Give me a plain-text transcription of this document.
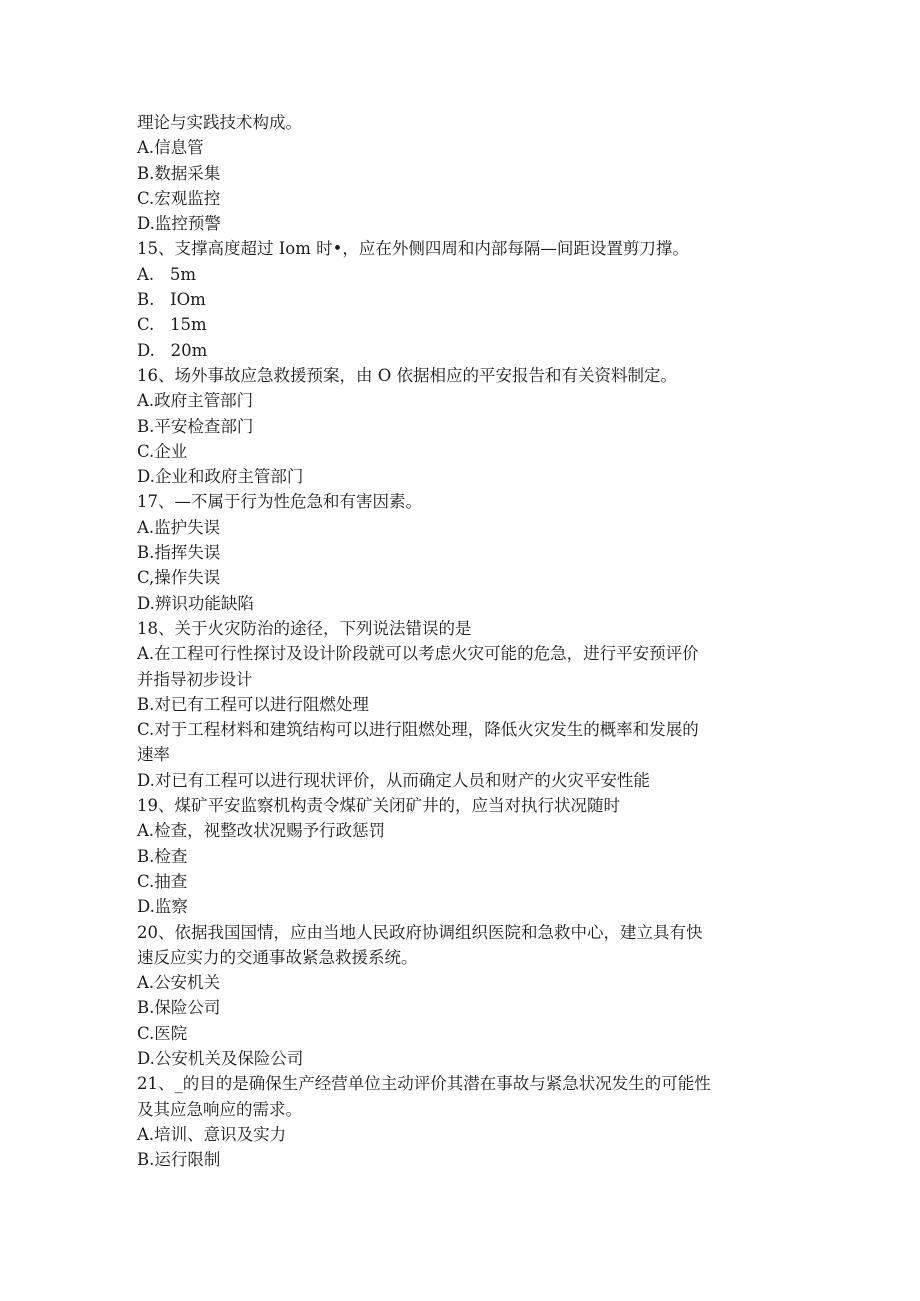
理论与实践技术构成。
A.信息管
B.数据采集
C.宏观监控
D.监控预警
15、支撑高度超过 Iom 时•，应在外侧四周和内部每隔—间距设置剪刀撑。
A.   5m
B.   IOm
C.   15m
D.   20m
16、场外事故应急救援预案，由 O 依据相应的平安报告和有关资料制定。
A.政府主管部门
B.平安检查部门
C.企业
D.企业和政府主管部门
17、—不属于行为性危急和有害因素。
A.监护失误
B.指挥失误
C,操作失误
D.辨识功能缺陷
18、关于火灾防治的途径，下列说法错误的是
A.在工程可行性探讨及设计阶段就可以考虑火灾可能的危急，进行平安预评价
并指导初步设计
B.对已有工程可以进行阻燃处理
C.对于工程材料和建筑结构可以进行阻燃处理，降低火灾发生的概率和发展的
速率
D.对已有工程可以进行现状评价，从而确定人员和财产的火灾平安性能
19、煤矿平安监察机构责令煤矿关闭矿井的，应当对执行状况随时
A.检查，视整改状况赐予行政惩罚
B.检查
C.抽查
D.监察
20、依据我国国情，应由当地人民政府协调组织医院和急救中心，建立具有快
速反应实力的交通事故紧急救援系统。
A.公安机关
B.保险公司
C.医院
D.公安机关及保险公司
21、_的目的是确保生产经营单位主动评价其潜在事故与紧急状况发生的可能性
及其应急响应的需求。
A.培训、意识及实力
B.运行限制
